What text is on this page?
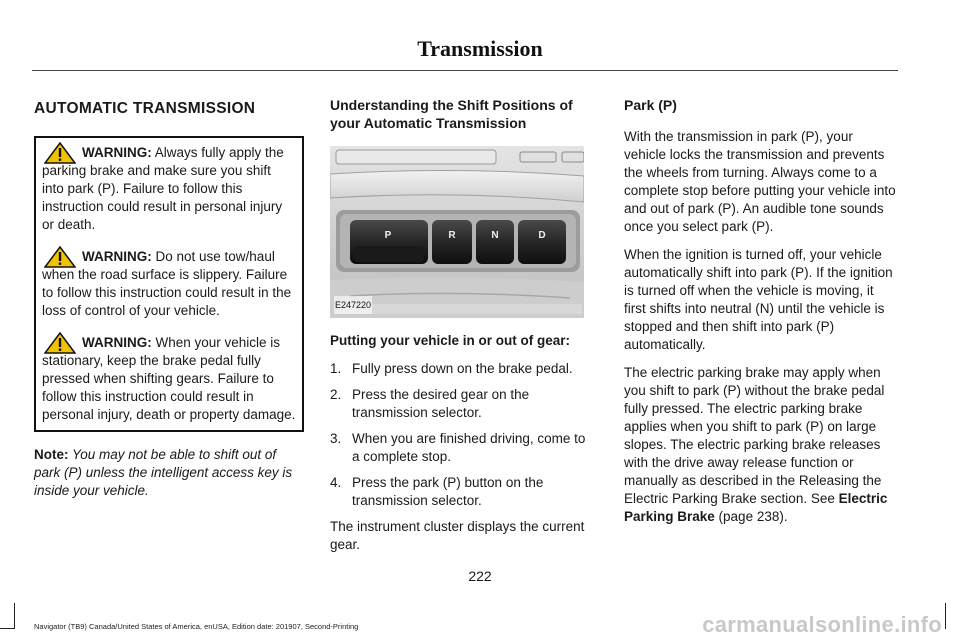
Transmission
AUTOMATIC TRANSMISSION
WARNING: Always fully apply the parking brake and make sure you shift into park (P). Failure to follow this instruction could result in personal injury or death.
WARNING: Do not use tow/haul when the road surface is slippery. Failure to follow this instruction could result in the loss of control of your vehicle.
WARNING: When your vehicle is stationary, keep the brake pedal fully pressed when shifting gears. Failure to follow this instruction could result in personal injury, death or property damage.
Note: You may not be able to shift out of park (P) unless the intelligent access key is inside your vehicle.
Understanding the Shift Positions of your Automatic Transmission
P	R	N	D
E247220
Putting your vehicle in or out of gear:
1. Fully press down on the brake pedal.
2. Press the desired gear on the transmission selector.
3. When you are finished driving, come to a complete stop.
4. Press the park (P) button on the transmission selector.
The instrument cluster displays the current gear.
Park (P)
With the transmission in park (P), your vehicle locks the transmission and prevents the wheels from turning. Always come to a complete stop before putting your vehicle into and out of park (P). An audible tone sounds once you select park (P).
When the ignition is turned off, your vehicle automatically shift into park (P). If the ignition is turned off when the vehicle is moving, it first shifts into neutral (N) until the vehicle is stopped and then shift into park (P) automatically.
The electric parking brake may apply when you shift to park (P) without the brake pedal fully pressed. The electric parking brake applies when you shift to park (P) on large slopes. The electric parking brake releases with the drive away release function or manually as described in the Releasing the Electric Parking Brake section. See Electric Parking Brake (page 238).
222
Navigator (TB9) Canada/United States of America, enUSA, Edition date: 201907, Second-Printing	carmanualsonline.info
